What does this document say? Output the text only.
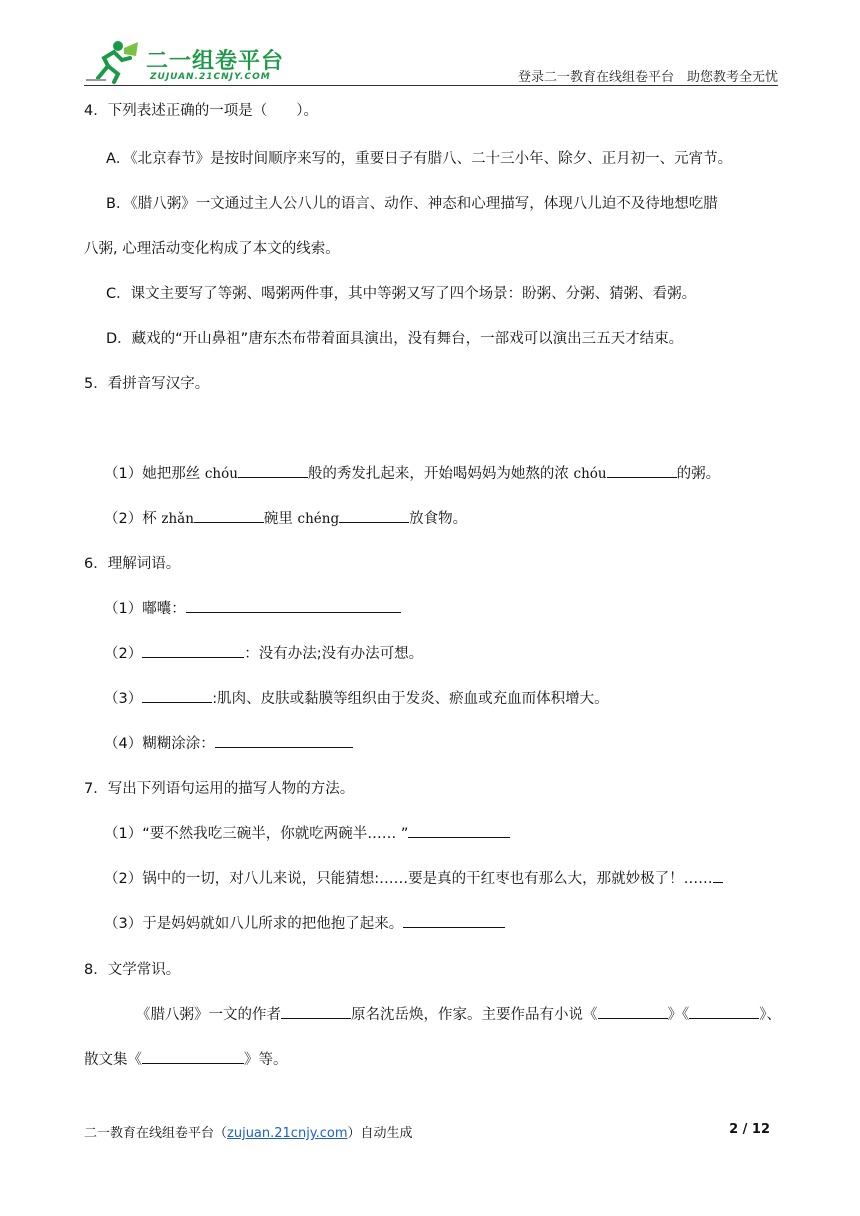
二一组卷平台
ZUJUAN.21CNJY.COM	登录二一教育在线组卷平台　助您教考全无忧
4．下列表述正确的一项是（　　）。
A．《北京春节》是按时间顺序来写的，重要日子有腊八、二十三小年、除夕、正月初一、元宵节。
B．《腊八粥》一文通过主人公八儿的语言、动作、神态和心理描写，体现八儿迫不及待地想吃腊
八粥, 心理活动变化构成了本文的线索。
C．课文主要写了等粥、喝粥两件事，其中等粥又写了四个场景：盼粥、分粥、猜粥、看粥。
D．藏戏的“开山鼻祖”唐东杰布带着面具演出，没有舞台，一部戏可以演出三五天才结束。
5．看拼音写汉字。
（1）她把那丝 chóu	般的秀发扎起来，开始喝妈妈为她熬的浓 chóu	的粥。
（2）杯 zhǎn	碗里 chéng	放食物。
6．理解词语。
（1）嘟囔：
（2）	：没有办法;没有办法可想。
（3）	:肌肉、皮肤或黏膜等组织由于发炎、瘀血或充血而体积增大。
（4）糊糊涂涂：
7．写出下列语句运用的描写人物的方法。
（1）“要不然我吃三碗半，你就吃两碗半…… ”
（2）锅中的一切，对八儿来说，只能猜想:……要是真的干红枣也有那么大，那就妙极了！……
（3）于是妈妈就如八儿所求的把他抱了起来。
8．文学常识。
《腊八粥》一文的作者	原名沈岳焕，作家。主要作品有小说《	》《	》、
散文集《	》等。
二一教育在线组卷平台（zujuan.21cnjy.com）自动生成	2 / 12
